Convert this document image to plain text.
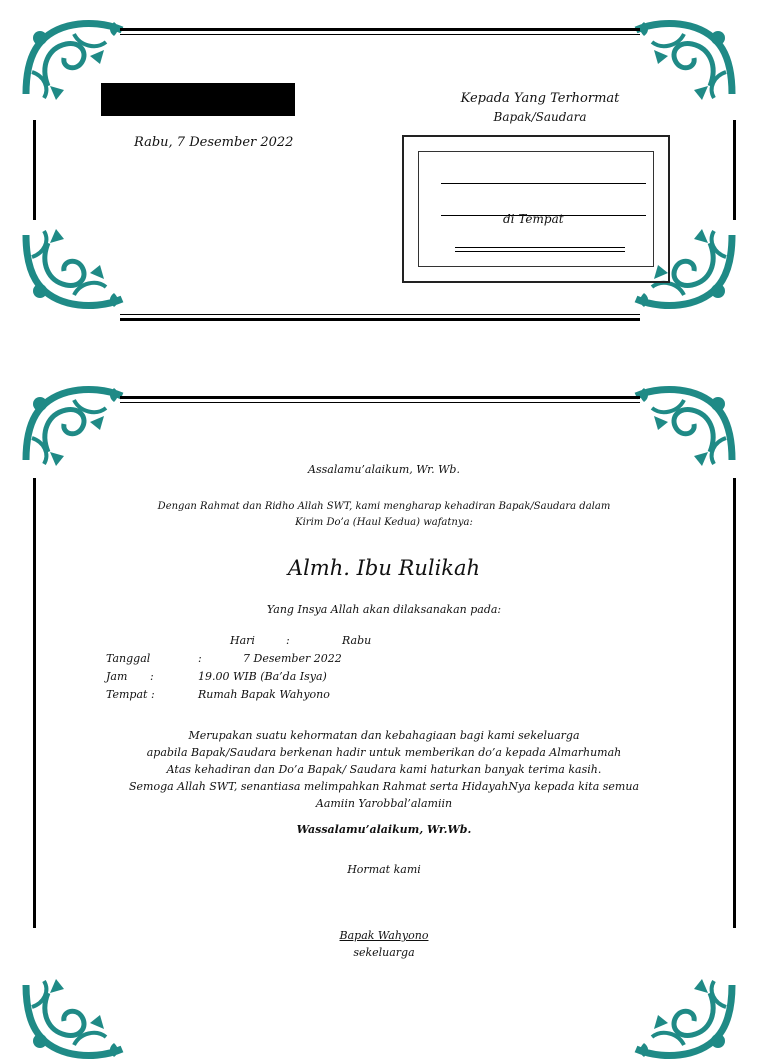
Rabu, 7 Desember 2022
Kepada Yang Terhormat
Bapak/Saudara
di Tempat
Assalamu’alaikum, Wr. Wb.
Dengan Rahmat dan Ridho Allah SWT, kami mengharap kehadiran Bapak/Saudara dalam
Kirim Do’a (Haul Kedua) wafatnya:
Almh. Ibu Rulikah
Yang Insya Allah akan dilaksanakan pada:
Hari	:	Rabu
Tanggal	:	7 Desember 2022
Jam :	19.00 WIB (Ba’da Isya)
Tempat :	Rumah Bapak Wahyono
Merupakan suatu kehormatan dan kebahagiaan bagi kami sekeluarga
apabila Bapak/Saudara berkenan hadir untuk memberikan do’a kepada Almarhumah
Atas kehadiran dan Do’a Bapak/ Saudara kami haturkan banyak terima kasih.
Semoga Allah SWT, senantiasa melimpahkan Rahmat serta HidayahNya kepada kita semua
Aamiin Yarobbal’alamiin
Wassalamu’alaikum, Wr.Wb.
Hormat kami
Bapak Wahyono
sekeluarga
